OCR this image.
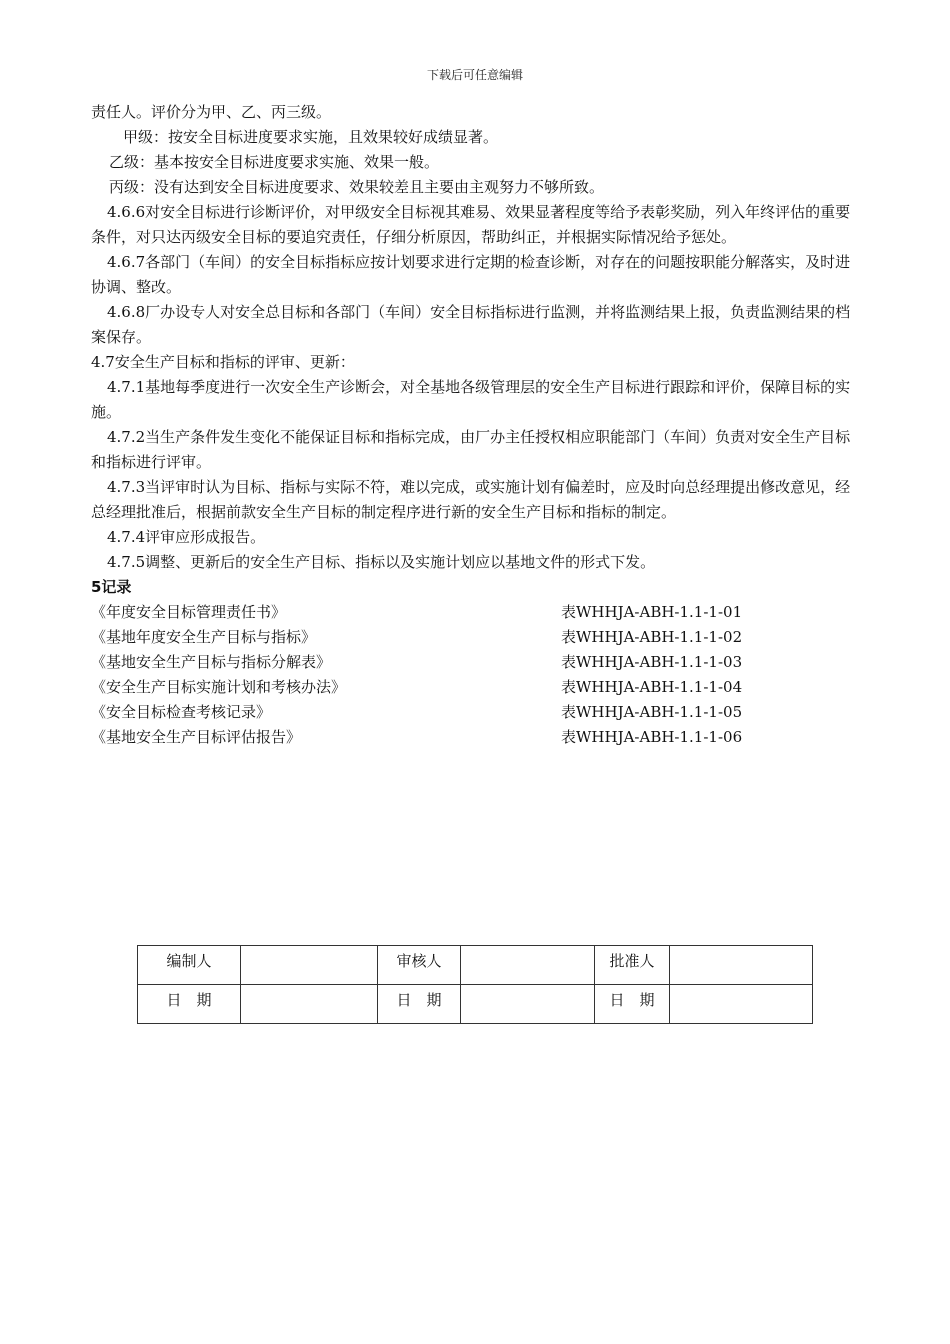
下载后可任意编辑

责任人。评价分为甲、乙、丙三级。

甲级：按安全目标进度要求实施，且效果较好成绩显著。

乙级：基本按安全目标进度要求实施、效果一般。

丙级：没有达到安全目标进度要求、效果较差且主要由主观努力不够所致。

4.6.6对安全目标进行诊断评价，对甲级安全目标视其难易、效果显著程度等给予表彰奖励，列入年终评估的重要条件，对只达丙级安全目标的要追究责任，仔细分析原因，帮助纠正，并根据实际情况给予惩处。

4.6.7各部门（车间）的安全目标指标应按计划要求进行定期的检查诊断，对存在的问题按职能分解落实，及时进协调、整改。

4.6.8厂办设专人对安全总目标和各部门（车间）安全目标指标进行监测，并将监测结果上报，负责监测结果的档案保存。

4.7安全生产目标和指标的评审、更新：

4.7.1基地每季度进行一次安全生产诊断会，对全基地各级管理层的安全生产目标进行跟踪和评价，保障目标的实施。

4.7.2当生产条件发生变化不能保证目标和指标完成，由厂办主任授权相应职能部门（车间）负责对安全生产目标和指标进行评审。

4.7.3当评审时认为目标、指标与实际不符，难以完成，或实施计划有偏差时，应及时向总经理提出修改意见，经总经理批准后，根据前款安全生产目标的制定程序进行新的安全生产目标和指标的制定。

4.7.4评审应形成报告。

4.7.5调整、更新后的安全生产目标、指标以及实施计划应以基地文件的形式下发。

5记录

《年度安全目标管理责任书》	表WHHJA-ABH-1.1-1-01
《基地年度安全生产目标与指标》	表WHHJA-ABH-1.1-1-02
《基地安全生产目标与指标分解表》	表WHHJA-ABH-1.1-1-03
《安全生产目标实施计划和考核办法》	表WHHJA-ABH-1.1-1-04
《安全目标检查考核记录》	表WHHJA-ABH-1.1-1-05
《基地安全生产目标评估报告》	表WHHJA-ABH-1.1-1-06
编制人		审核人		批准人	
日　期		日　期		日　期	
